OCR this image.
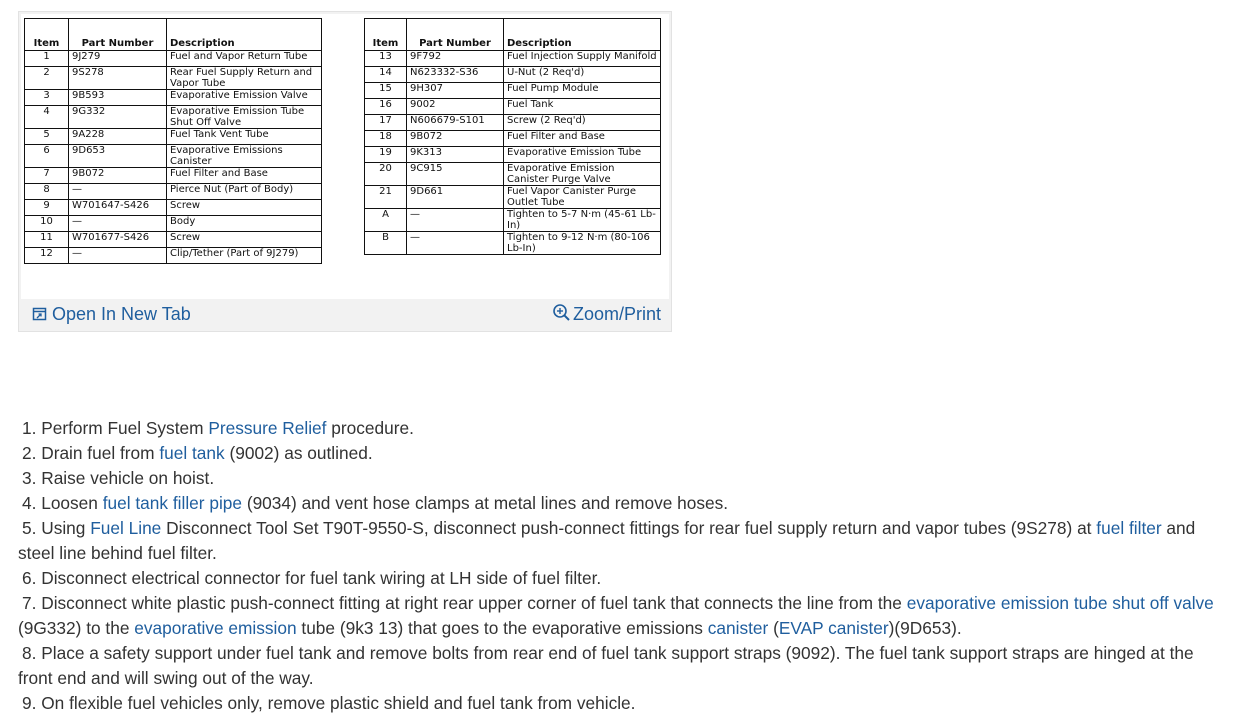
Item	Part Number	Description
1	9J279	Fuel and Vapor Return Tube
2	9S278	Rear Fuel Supply Return and Vapor Tube
3	9B593	Evaporative Emission Valve
4	9G332	Evaporative Emission Tube Shut Off Valve
5	9A228	Fuel Tank Vent Tube
6	9D653	Evaporative Emissions Canister
7	9B072	Fuel Filter and Base
8	—	Pierce Nut (Part of Body)
9	W701647-S426	Screw
10	—	Body
11	W701677-S426	Screw
12	—	Clip/Tether (Part of 9J279)
Item	Part Number	Description
13	9F792	Fuel Injection Supply Manifold
14	N623332-S36	U-Nut (2 Req'd)
15	9H307	Fuel Pump Module
16	9002	Fuel Tank
17	N606679-S101	Screw (2 Req'd)
18	9B072	Fuel Filter and Base
19	9K313	Evaporative Emission Tube
20	9C915	Evaporative Emission Canister Purge Valve
21	9D661	Fuel Vapor Canister Purge Outlet Tube
A	—	Tighten to 5-7 N·m (45-61 Lb-In)
B	—	Tighten to 9-12 N·m (80-106 Lb-In)
Open In New Tab	Zoom/Print

1. Perform Fuel System Pressure Relief procedure.

2. Drain fuel from fuel tank (9002) as outlined.

3. Raise vehicle on hoist.

4. Loosen fuel tank filler pipe (9034) and vent hose clamps at metal lines and remove hoses.

5. Using Fuel Line Disconnect Tool Set T90T-9550-S, disconnect push-connect fittings for rear fuel supply return and vapor tubes (9S278) at fuel filter and steel line behind fuel filter.

6. Disconnect electrical connector for fuel tank wiring at LH side of fuel filter.

7. Disconnect white plastic push-connect fitting at right rear upper corner of fuel tank that connects the line from the evaporative emission tube shut off valve (9G332) to the evaporative emission tube (9k3 13) that goes to the evaporative emissions canister (EVAP canister)(9D653).

8. Place a safety support under fuel tank and remove bolts from rear end of fuel tank support straps (9092). The fuel tank support straps are hinged at the front end and will swing out of the way.

9. On flexible fuel vehicles only, remove plastic shield and fuel tank from vehicle.
